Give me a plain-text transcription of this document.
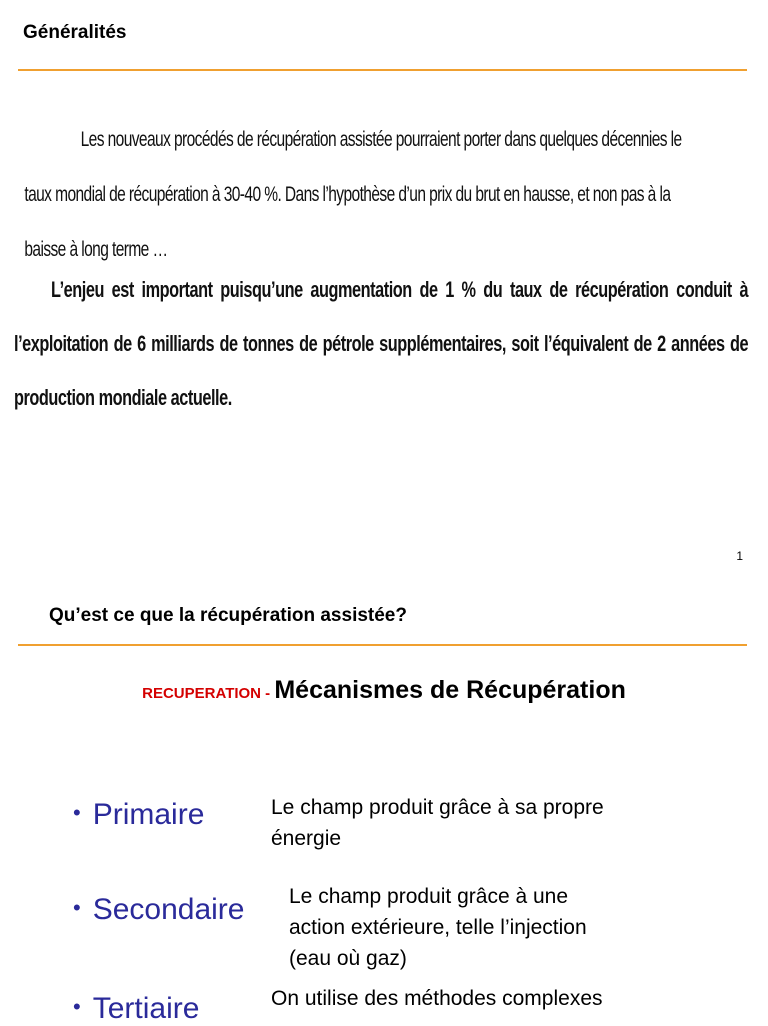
Généralités

Les nouveaux procédés de récupération assistée pourraient porter dans quelques décennies le taux mondial de récupération à 30-40 %. Dans l’hypothèse d’un prix du brut en hausse, et non pas à la baisse à long terme …

L’enjeu est important puisqu’une augmentation de 1 % du taux de récupération conduit à l’exploitation de 6 milliards de tonnes de pétrole supplémentaires, soit l’équivalent de 2 années de production mondiale actuelle.

1
Qu’est ce que la récupération assistée?
RECUPERATION - Mécanismes de Récupération
• Primaire	Le champ produit grâce à sa propre
énergie
• Secondaire Le champ produit grâce à une
action extérieure, telle l’injection
(eau où gaz)
• Tertiaire	On utilise des méthodes complexes
